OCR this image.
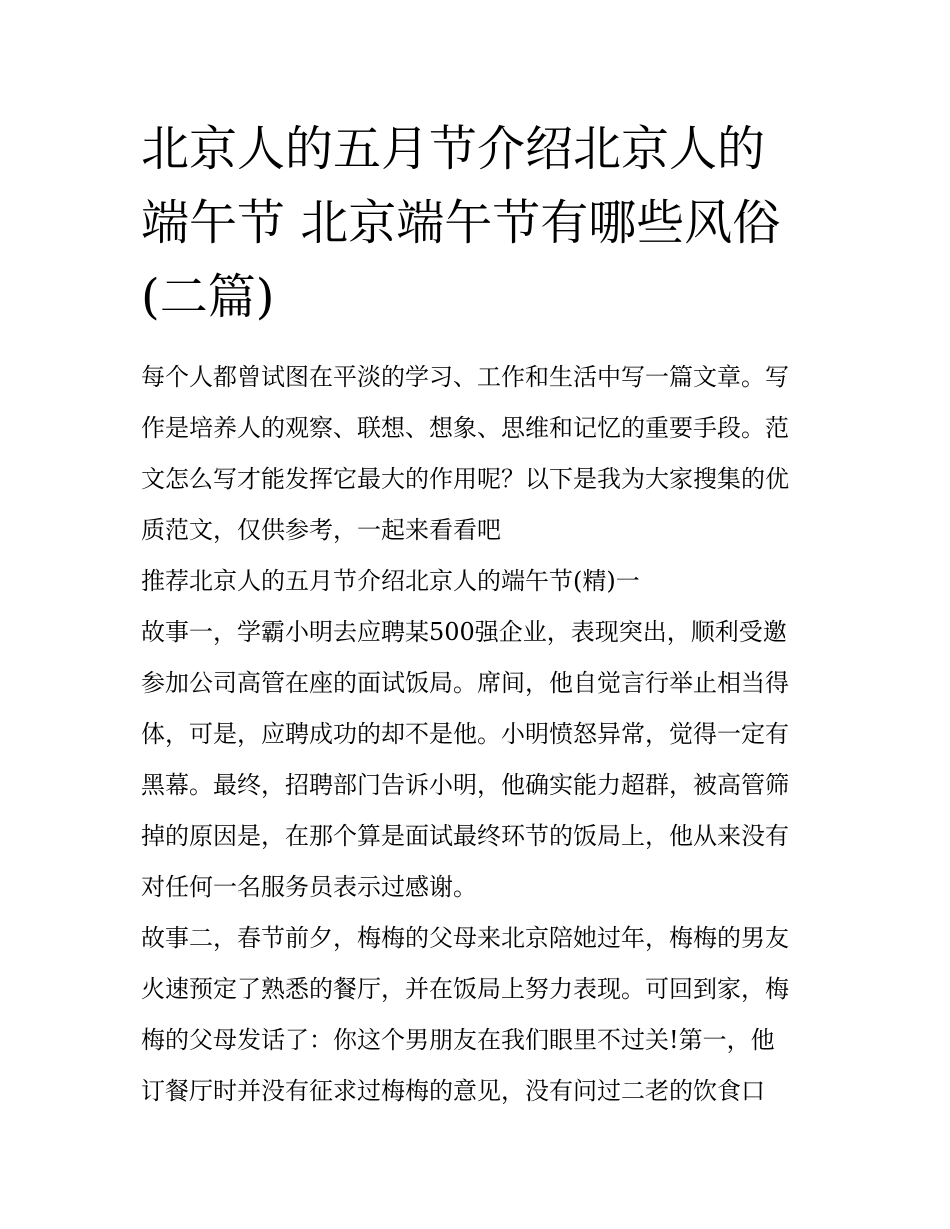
北京人的五月节介绍北京人的
端午节 北京端午节有哪些风俗
(二篇)

每个人都曾试图在平淡的学习、工作和生活中写一篇文章。写
作是培养人的观察、联想、想象、思维和记忆的重要手段。范
文怎么写才能发挥它最大的作用呢？以下是我为大家搜集的优
质范文，仅供参考，一起来看看吧

推荐北京人的五月节介绍北京人的端午节(精)一

故事一，学霸小明去应聘某500强企业，表现突出，顺利受邀
参加公司高管在座的面试饭局。席间，他自觉言行举止相当得
体，可是，应聘成功的却不是他。小明愤怒异常，觉得一定有
黑幕。最终，招聘部门告诉小明，他确实能力超群，被高管筛
掉的原因是，在那个算是面试最终环节的饭局上，他从来没有
对任何一名服务员表示过感谢。

故事二，春节前夕，梅梅的父母来北京陪她过年，梅梅的男友
火速预定了熟悉的餐厅，并在饭局上努力表现。可回到家，梅
梅的父母发话了：你这个男朋友在我们眼里不过关!第一，他
订餐厅时并没有征求过梅梅的意见，没有问过二老的饮食口
